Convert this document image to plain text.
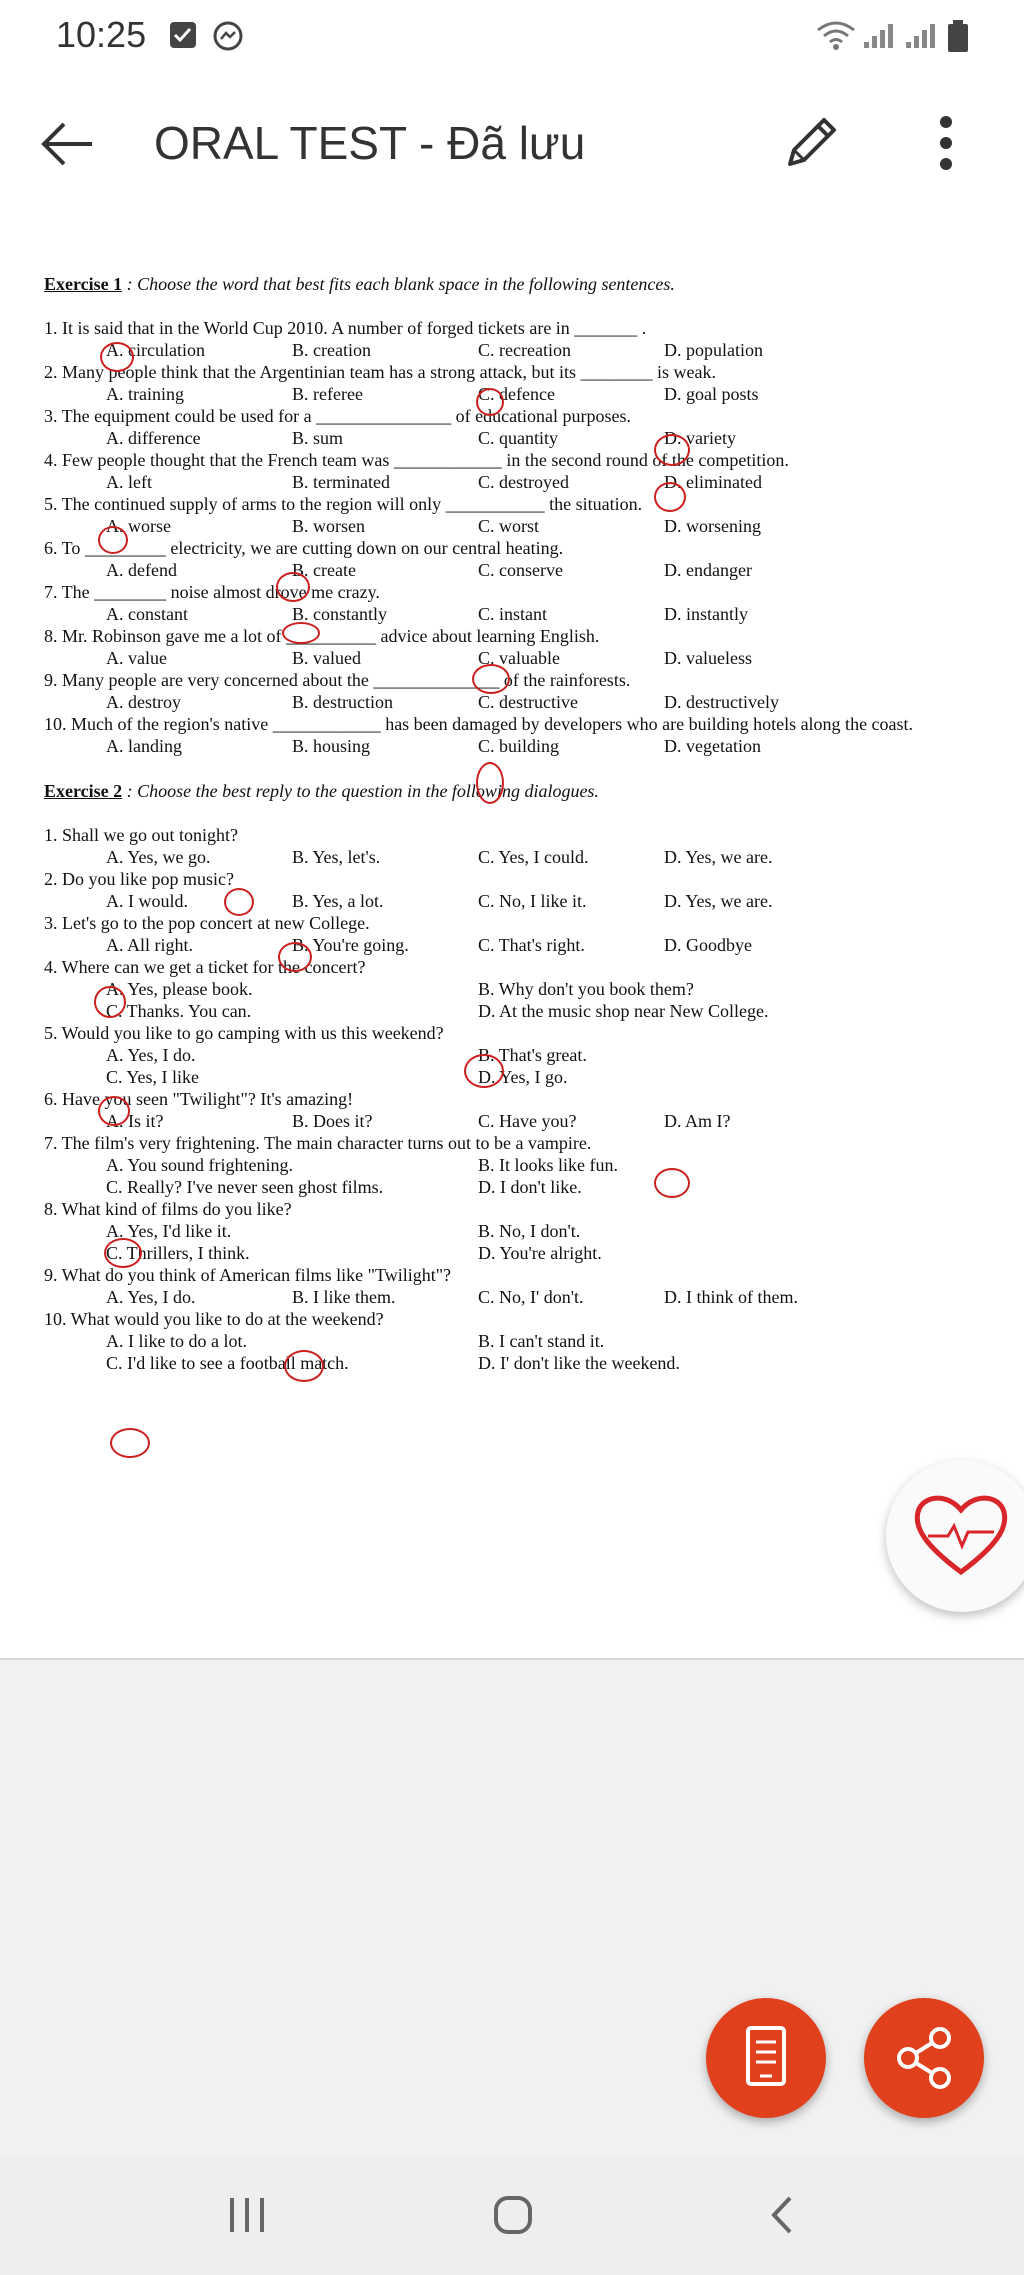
10:25
ORAL TEST - Đã lưu
Exercise 1 : Choose the word that best fits each blank space in the following sentences.
1. It is said that in the World Cup 2010. A number of forged tickets are in _______ .
A. circulation	B. creation	C. recreation	D. population
2. Many people think that the Argentinian team has a strong attack, but its ________ is weak.
A. training	B. referee	C. defence	D. goal posts
3. The equipment could be used for a _______________ of educational purposes.
A. difference	B. sum	C. quantity	D. variety
4. Few people thought that the French team was ____________ in the second round of the competition.
A. left	B. terminated	C. destroyed	D. eliminated
5. The continued supply of arms to the region will only ___________ the situation.
A. worse	B. worsen	C. worst	D. worsening
6. To _________ electricity, we are cutting down on our central heating.
A. defend	B. create	C. conserve	D. endanger
7. The ________ noise almost drove me crazy.
A. constant	B. constantly	C. instant	D. instantly
8. Mr. Robinson gave me a lot of __________ advice about learning English.
A. value	B. valued	C. valuable	D. valueless
9. Many people are very concerned about the ______________ of the rainforests.
A. destroy	B. destruction	C. destructive	D. destructively
10. Much of the region's native ____________ has been damaged by developers who are building hotels along the coast.
A. landing	B. housing	C. building	D. vegetation
Exercise 2 : Choose the best reply to the question in the following dialogues.
1. Shall we go out tonight?
A. Yes, we go.	B. Yes, let's.	C. Yes, I could.	D. Yes, we are.
2. Do you like pop music?
A. I would.	B. Yes, a lot.	C. No, I like it.	D. Yes, we are.
3. Let's go to the pop concert at new College.
A. All right.	B. You're going.	C. That's right.	D. Goodbye
4. Where can we get a ticket for the concert?
A. Yes, please book.	B. Why don't you book them?
C. Thanks. You can.	D. At the music shop near New College.
5. Would you like to go camping with us this weekend?
A. Yes, I do.	B. That's great.
C. Yes, I like	D. Yes, I go.
6. Have you seen "Twilight"? It's amazing!
A. Is it?	B. Does it?	C. Have you?	D. Am I?
7. The film's very frightening. The main character turns out to be a vampire.
A. You sound frightening.	B. It looks like fun.
C. Really? I've never seen ghost films.	D. I don't like.
8. What kind of films do you like?
A. Yes, I'd like it.	B. No, I don't.
C. Thrillers, I think.	D. You're alright.
9. What do you think of American films like "Twilight"?
A. Yes, I do.	B. I like them.	C. No, I' don't.	D. I think of them.
10. What would you like to do at the weekend?
A. I like to do a lot.	B. I can't stand it.
C. I'd like to see a football match.	D. I' don't like the weekend.
